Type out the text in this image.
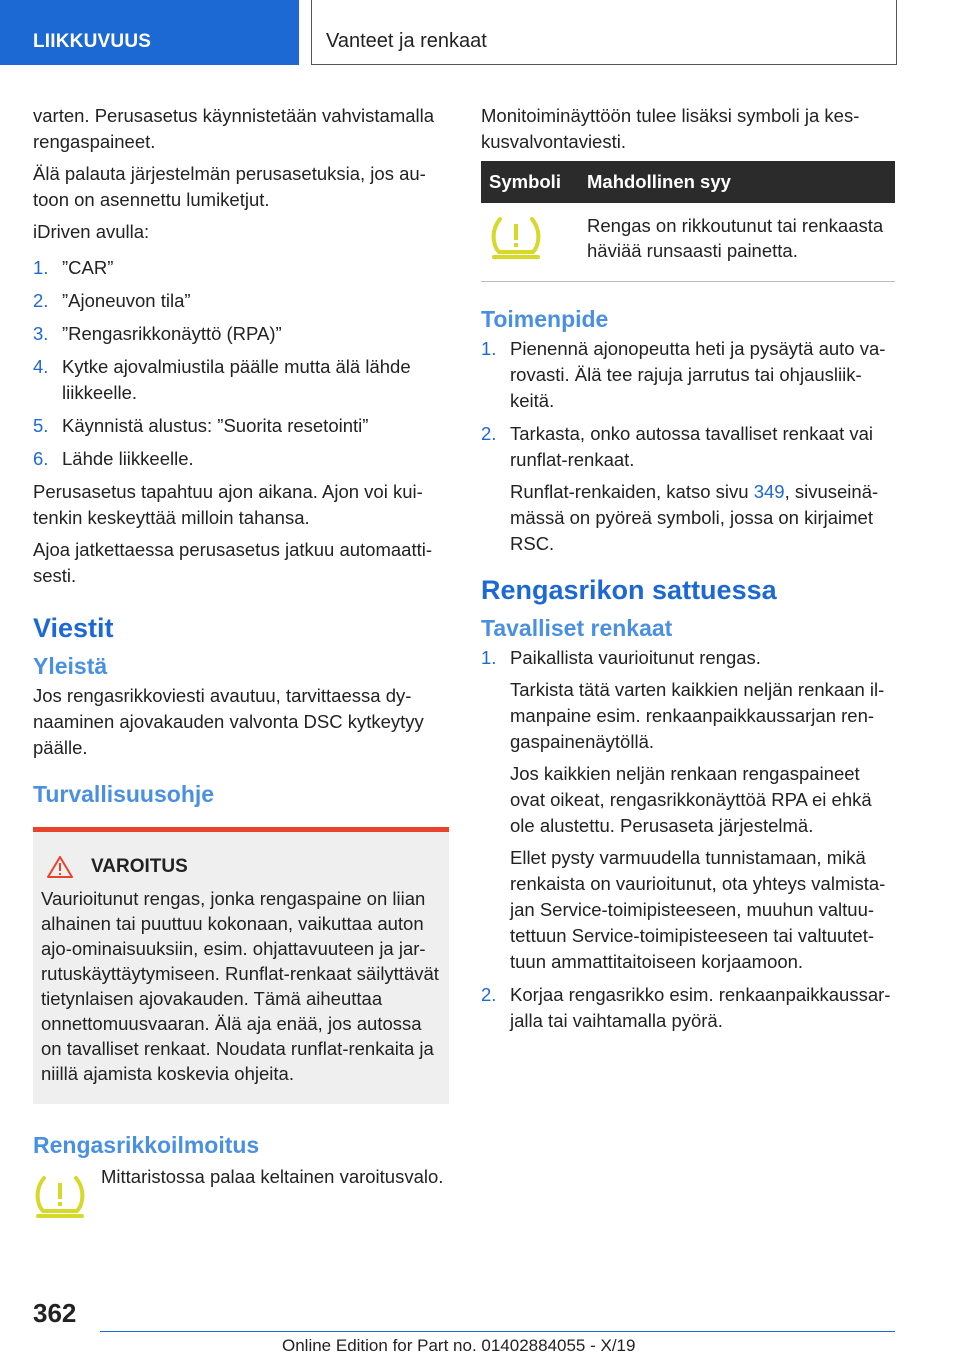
LIIKKUVUUS	Vanteet ja renkaat

varten. Perusasetus käynnistetään vahvistamalla rengaspaineet.

Älä palauta järjestelmän perusasetuksia, jos autoon on asennettu lumiketjut.

iDriven avulla:

1. ”CAR”
2. ”Ajoneuvon tila”
3. ”Rengasrikkonäyttö (RPA)”
4. Kytke ajovalmiustila päälle mutta älä lähde liikkeelle.
5. Käynnistä alustus: ”Suorita resetointi”
6. Lähde liikkeelle.

Perusasetus tapahtuu ajon aikana. Ajon voi kuitenkin keskeyttää milloin tahansa.

Ajoa jatkettaessa perusasetus jatkuu automaattisesti.

Viestit
Yleistä

Jos rengasrikkoviesti avautuu, tarvittaessa dynaaminen ajovakauden valvonta DSC kytkeytyy päälle.

Turvallisuusohje
VAROITUS
Vaurioitunut rengas, jonka rengaspaine on liian alhainen tai puuttuu kokonaan, vaikuttaa auton ajo-ominaisuuksiin, esim. ohjattavuuteen ja jarrutuskäyttäytymiseen. Runflat-renkaat säilyttävät tietynlaisen ajovakauden. Tämä aiheuttaa onnettomuusvaaran. Älä aja enää, jos autossa on tavalliset renkaat. Noudata runflat-renkaita ja niillä ajamista koskevia ohjeita.
Rengasrikkoilmoitus

Mittaristossa palaa keltainen varoitusvalo.

Monitoiminäyttöön tulee lisäksi symboli ja keskusvalvontaviesti.

Symboli	Mahdollinen syy
	Rengas on rikkoutunut tai renkaasta häviää runsaasti painetta.
Toimenpide
1. Pienennä ajonopeutta heti ja pysäytä auto varovasti. Älä tee rajuja jarrutus tai ohjausliikkeitä.
2. Tarkasta, onko autossa tavalliset renkaat vai runflat-renkaat.
Runflat-renkaiden, katso sivu 349, sivuseinämässä on pyöreä symboli, jossa on kirjaimet RSC.
Rengasrikon sattuessa
Tavalliset renkaat
1. Paikallista vaurioitunut rengas.
Tarkista tätä varten kaikkien neljän renkaan ilmanpaine esim. renkaanpaikkaussarjan rengaspainenäytöllä.
Jos kaikkien neljän renkaan rengaspaineet ovat oikeat, rengasrikkonäyttöä RPA ei ehkä ole alustettu. Perusaseta järjestelmä.
Ellet pysty varmuudella tunnistamaan, mikä renkaista on vaurioitunut, ota yhteys valmistajan Service-toimipisteeseen, muuhun valtuutettuun Service-toimipisteeseen tai valtuutettuun ammattitaitoiseen korjaamoon.
2. Korjaa rengasrikko esim. renkaanpaikkaussarjalla tai vaihtamalla pyörä.
362
Online Edition for Part no. 01402884055 - X/19
